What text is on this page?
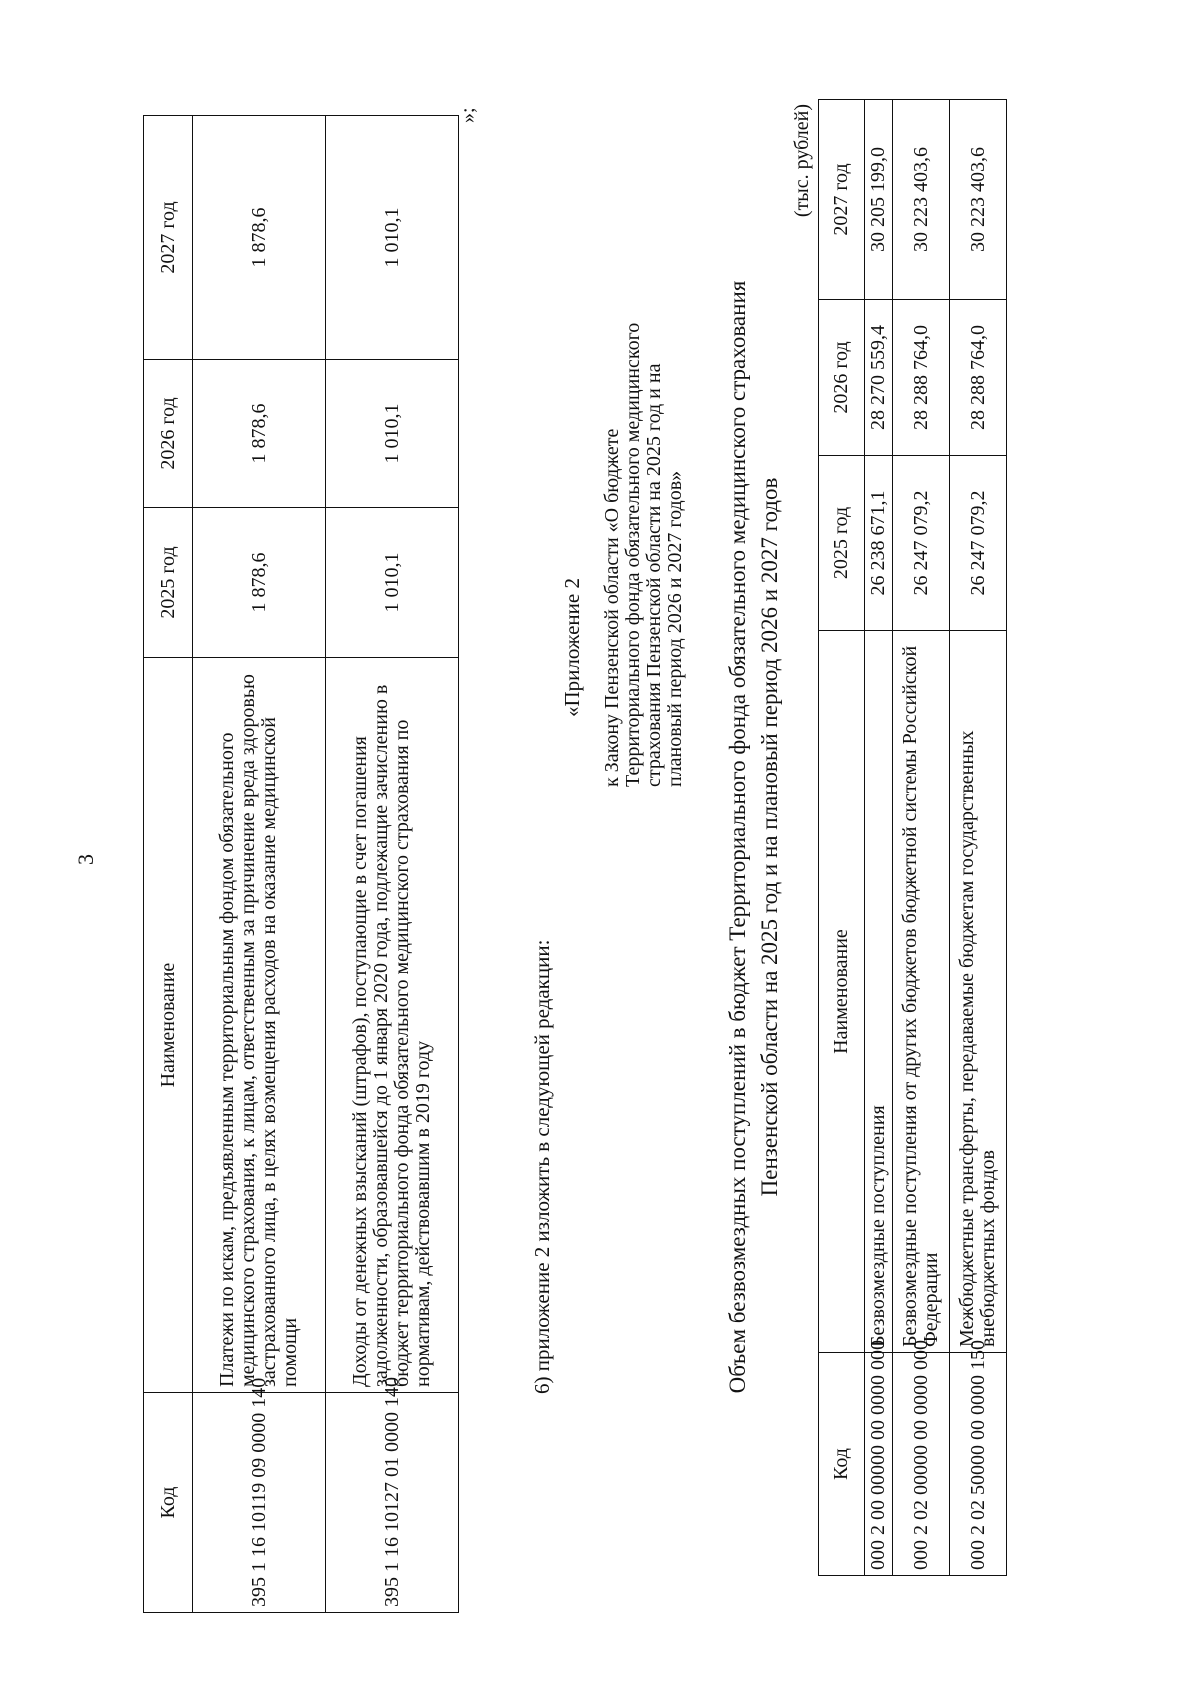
3
Код	Наименование	2025 год	2026 год	2027 год
395 1 16 10119 09 0000 140	Платежи по искам, предъявленным территориальным фондом обязательного медицинского страхования, к лицам, ответственным за причинение вреда здоровью застрахованного лица, в целях возмещения расходов на оказание медицинской помощи	1 878,6	1 878,6	1 878,6
395 1 16 10127 01 0000 140	Доходы от денежных взысканий (штрафов), поступающие в счет погашения задолженности, образовавшейся до 1 января 2020 года, подлежащие зачислению в бюджет территориального фонда обязательного медицинского страхования по нормативам, действовавшим в 2019 году	1 010,1	1 010,1	1 010,1
»;
6) приложение 2 изложить в следующей редакции:
«Приложение 2 к Закону Пензенской области «О бюджете Территориального фонда обязательного медицинского страхования Пензенской области на 2025 год и на плановый период 2026 и 2027 годов» Объем безвозмездных поступлений в бюджет Территориального фонда обязательного медицинского страхования Пензенской области на 2025 год и на плановый период 2026 и 2027 годов
(тыс. рублей)
Код	Наименование	2025 год	2026 год	2027 год
000 2 00 00000 00 0000 000	Безвозмездные поступления	26 238 671,1	28 270 559,4	30 205 199,0
000 2 02 00000 00 0000 000	Безвозмездные поступления от других бюджетов бюджетной системы Российской Федерации	26 247 079,2	28 288 764,0	30 223 403,6
000 2 02 50000 00 0000 150	Межбюджетные трансферты, передаваемые бюджетам государственных внебюджетных фондов	26 247 079,2	28 288 764,0	30 223 403,6
